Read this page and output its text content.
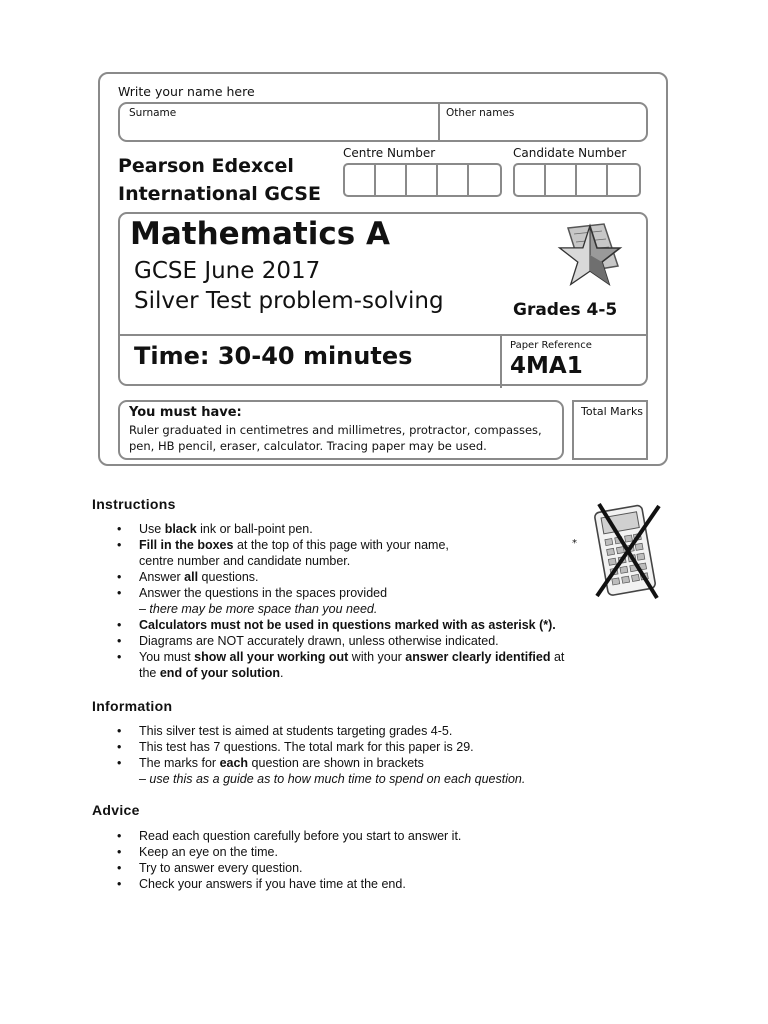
Write your name here
Surname	Other names
Pearson Edexcel
International GCSE
Centre Number	Candidate Number
Mathematics A
GCSE June 2017
Silver Test problem-solving	Grades 4-5
Time: 30-40 minutes	Paper Reference
4MA1
You must have:
Ruler graduated in centimetres and millimetres, protractor, compasses, pen, HB pencil, eraser, calculator. Tracing paper may be used.
Total Marks
Instructions
• Use black ink or ball-point pen.
• Fill in the boxes at the top of this page with your name,
centre number and candidate number.
• Answer all questions.
• Answer the questions in the spaces provided
– there may be more space than you need.
• Calculators must not be used in questions marked with as asterisk (*).
• Diagrams are NOT accurately drawn, unless otherwise indicated.
• You must show all your working out with your answer clearly identified at
the end of your solution.
*
Information
• This silver test is aimed at students targeting grades 4-5.
• This test has 7 questions. The total mark for this paper is 29.
• The marks for each question are shown in brackets
– use this as a guide as to how much time to spend on each question.
Advice
• Read each question carefully before you start to answer it.
• Keep an eye on the time.
• Try to answer every question.
• Check your answers if you have time at the end.
